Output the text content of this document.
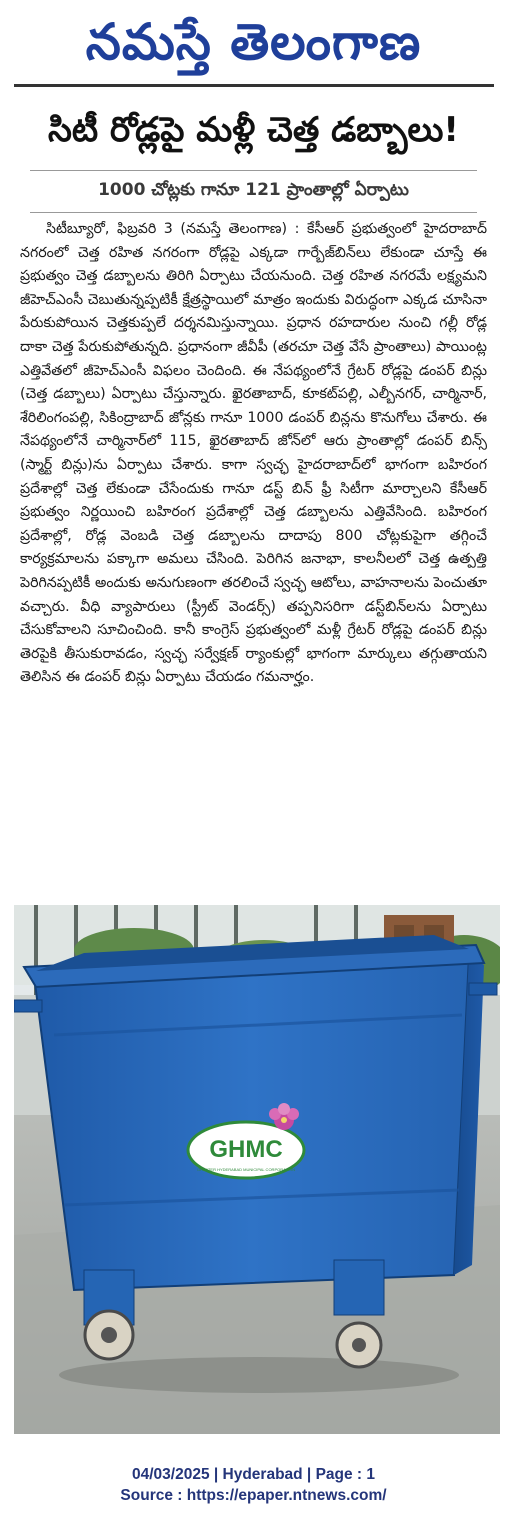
నమస్తే తెలంగాణ
సిటీ రోడ్లపై మళ్లీ చెత్త డబ్బాలు!
1000 చోట్లకు గానూ 121 ప్రాంతాల్లో ఏర్పాటు

సిటీబ్యూరో, ఫిబ్రవరి 3 (నమస్తే తెలంగాణ) : కేసీఆర్ ప్రభుత్వంలో హైదరాబాద్ నగరంలో చెత్త రహిత నగరంగా రోడ్లపై ఎక్కడా గార్బేజ్‌బిన్‌లు లేకుండా చూస్తే ఈ ప్రభుత్వం చెత్త డబ్బాలను తిరిగి ఏర్పాటు చేయనుంది. చెత్త రహిత నగరమే లక్ష్యమని జీహెచ్‌ఎంసీ చెబుతున్నప్పటికీ క్షేత్రస్థాయిలో మాత్రం ఇందుకు విరుద్ధంగా ఎక్కడ చూసినా పేరుకుపోయిన చెత్తకుప్పలే దర్శనమిస్తున్నాయి. ప్రధాన రహదారుల నుంచి గల్లీ రోడ్ల దాకా చెత్త పేరుకుపోతున్నది. ప్రధానంగా జీవీపీ (తరచూ చెత్త వేసే ప్రాంతాలు) పాయింట్ల ఎత్తివేతలో జీహెచ్‌ఎంసీ విఫలం చెందింది. ఈ నేపథ్యంలోనే గ్రేటర్ రోడ్లపై డంపర్ బిన్లు (చెత్త డబ్బాలు) ఏర్పాటు చేస్తున్నారు. ఖైరతాబాద్, కూకట్‌పల్లి, ఎల్బీనగర్, చార్మినార్, శేరిలింగంపల్లి, సికింద్రాబాద్ జోన్లకు గానూ 1000 డంపర్ బిన్లను కొనుగోలు చేశారు. ఈ నేపథ్యంలోనే చార్మినార్‌లో 115, ఖైరతాబాద్ జోన్‌లో ఆరు ప్రాంతాల్లో డంపర్ బిన్స్ (స్మార్ట్ బిన్లు)ను ఏర్పాటు చేశారు. కాగా స్వచ్ఛ హైదరాబాద్‌లో భాగంగా బహిరంగ ప్రదేశాల్లో చెత్త లేకుండా చేసేందుకు గానూ డస్ట్ బిన్ ఫ్రీ సిటీగా మార్చాలని కేసీఆర్ ప్రభుత్వం నిర్ణయించి బహిరంగ ప్రదేశాల్లో చెత్త డబ్బాలను ఎత్తివేసింది. బహిరంగ ప్రదేశాల్లో, రోడ్ల వెంబడి చెత్త డబ్బాలను దాదాపు 800 చోట్లకుపైగా తగ్గించే కార్యక్రమాలను పక్కాగా అమలు చేసింది. పెరిగిన జనాభా, కాలనీలలో చెత్త ఉత్పత్తి పెరిగినప్పటికీ అందుకు అనుగుణంగా తరలించే స్వచ్ఛ ఆటోలు, వాహనాలను పెంచుతూ వచ్చారు. వీధి వ్యాపారులు (స్ట్రీట్ వెండర్స్) తప్పనిసరిగా డస్ట్‌బిన్‌లను ఏర్పాటు చేసుకోవాలని సూచించింది. కానీ కాంగ్రెస్ ప్రభుత్వంలో మళ్లీ గ్రేటర్ రోడ్లపై డంపర్ బిన్లు తెరపైకి తీసుకురావడం, స్వచ్ఛ సర్వేక్షణ్ ర్యాంకుల్లో భాగంగా మార్కులు తగ్గుతాయని తెలిసిన ఈ డంపర్ బిన్లు ఏర్పాటు చేయడం గమనార్హం.

GHMC
GREATER HYDERABAD MUNICIPAL CORPORATION
04/03/2025 | Hyderabad | Page : 1
Source : https://epaper.ntnews.com/
